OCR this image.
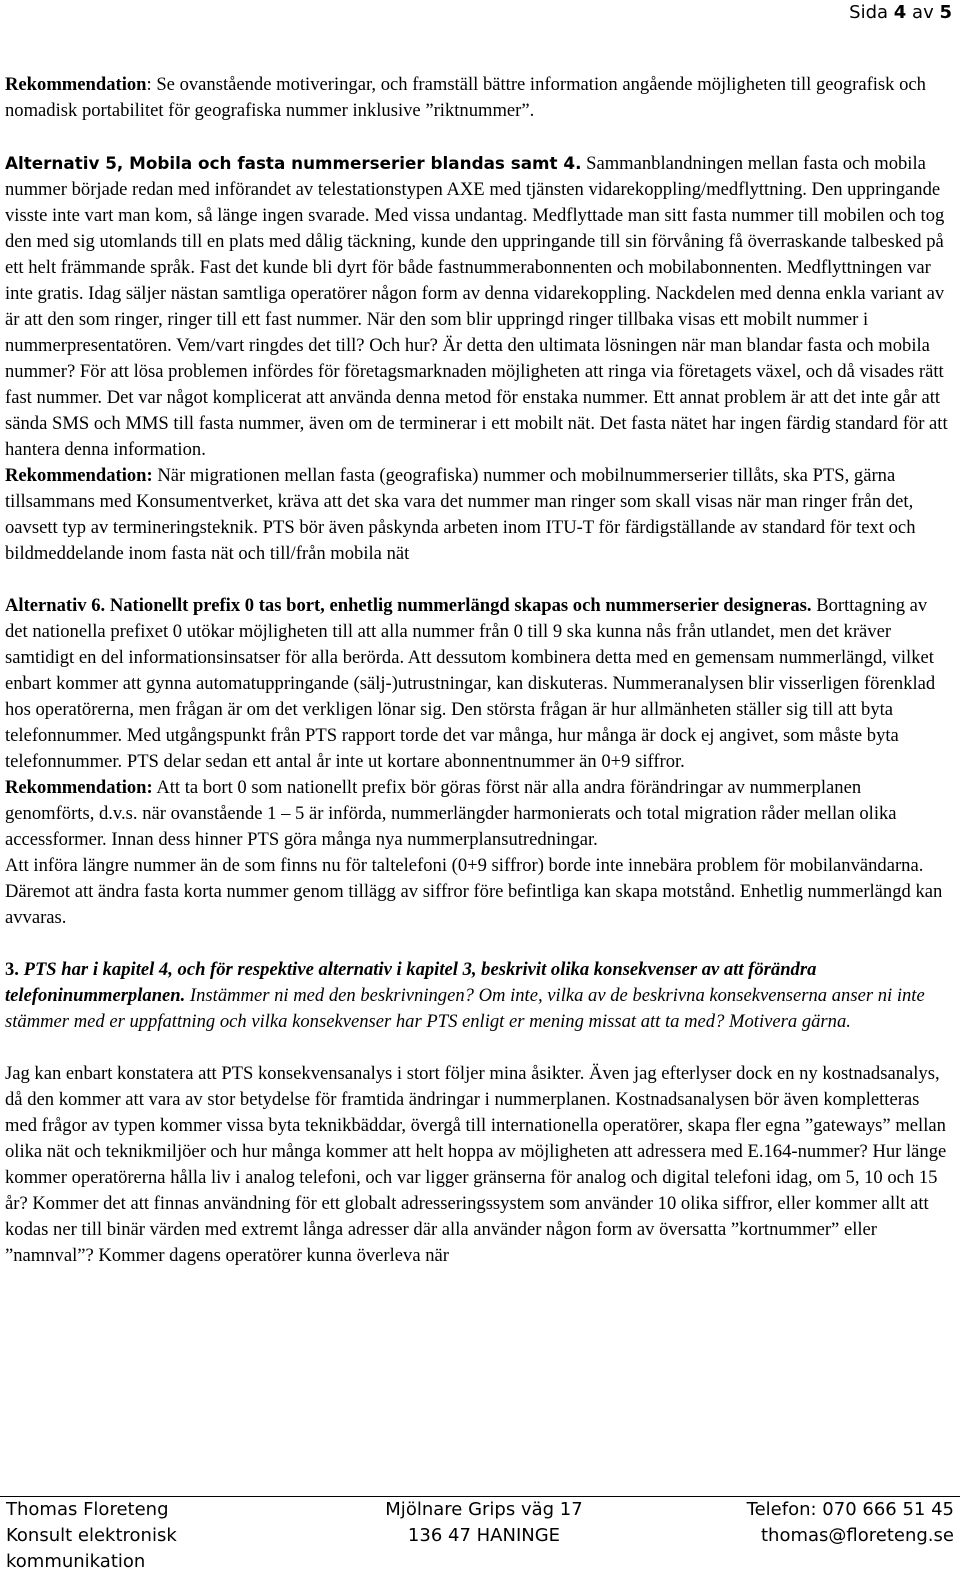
Sida 4 av 5

Rekommendation: Se ovanstående motiveringar, och framställ bättre information angående möjligheten till geografisk och nomadisk portabilitet för geografiska nummer inklusive ”riktnummer”.

Alternativ 5, Mobila och fasta nummerserier blandas samt 4. Sammanblandningen mellan fasta och mobila nummer började redan med införandet av telestationstypen AXE med tjänsten vidarekoppling/medflyttning. Den uppringande visste inte vart man kom, så länge ingen svarade. Med vissa undantag. Medflyttade man sitt fasta nummer till mobilen och tog den med sig utomlands till en plats med dålig täckning, kunde den uppringande till sin förvåning få överraskande talbesked på ett helt främmande språk. Fast det kunde bli dyrt för både fastnummerabonnenten och mobilabonnenten. Medflyttningen var inte gratis. Idag säljer nästan samtliga operatörer någon form av denna vidarekoppling. Nackdelen med denna enkla variant av är att den som ringer, ringer till ett fast nummer. När den som blir uppringd ringer tillbaka visas ett mobilt nummer i nummerpresentatören. Vem/vart ringdes det till? Och hur? Är detta den ultimata lösningen när man blandar fasta och mobila nummer? För att lösa problemen infördes för företagsmarknaden möjligheten att ringa via företagets växel, och då visades rätt fast nummer. Det var något komplicerat att använda denna metod för enstaka nummer. Ett annat problem är att det inte går att sända SMS och MMS till fasta nummer, även om de terminerar i ett mobilt nät. Det fasta nätet har ingen färdig standard för att hantera denna information.

Rekommendation: När migrationen mellan fasta (geografiska) nummer och mobilnummerserier tillåts, ska PTS, gärna tillsammans med Konsumentverket, kräva att det ska vara det nummer man ringer som skall visas när man ringer från det, oavsett typ av termineringsteknik. PTS bör även påskynda arbeten inom ITU-T för färdigställande av standard för text och bildmeddelande inom fasta nät och till/från mobila nät

Alternativ 6. Nationellt prefix 0 tas bort, enhetlig nummerlängd skapas och nummerserier designeras. Borttagning av det nationella prefixet 0 utökar möjligheten till att alla nummer från 0 till 9 ska kunna nås från utlandet, men det kräver samtidigt en del informationsinsatser för alla berörda. Att dessutom kombinera detta med en gemensam nummerlängd, vilket enbart kommer att gynna automatuppringande (sälj-)utrustningar, kan diskuteras. Nummeranalysen blir visserligen förenklad hos operatörerna, men frågan är om det verkligen lönar sig. Den största frågan är hur allmänheten ställer sig till att byta telefonnummer. Med utgångspunkt från PTS rapport torde det var många, hur många är dock ej angivet, som måste byta telefonnummer. PTS delar sedan ett antal år inte ut kortare abonnentnummer än 0+9 siffror.

Rekommendation: Att ta bort 0 som nationellt prefix bör göras först när alla andra förändringar av nummerplanen genomförts, d.v.s. när ovanstående 1 – 5 är införda, nummerlängder harmonierats och total migration råder mellan olika accessformer. Innan dess hinner PTS göra många nya nummerplansutredningar.

Att införa längre nummer än de som finns nu för taltelefoni (0+9 siffror) borde inte innebära problem för mobilanvändarna. Däremot att ändra fasta korta nummer genom tillägg av siffror före befintliga kan skapa motstånd. Enhetlig nummerlängd kan avvaras.

3. PTS har i kapitel 4, och för respektive alternativ i kapitel 3, beskrivit olika konsekvenser av att förändra telefoninummerplanen. Instämmer ni med den beskrivningen? Om inte, vilka av de beskrivna konsekvenserna anser ni inte stämmer med er uppfattning och vilka konsekvenser har PTS enligt er mening missat att ta med? Motivera gärna.

Jag kan enbart konstatera att PTS konsekvensanalys i stort följer mina åsikter. Även jag efterlyser dock en ny kostnadsanalys, då den kommer att vara av stor betydelse för framtida ändringar i nummerplanen. Kostnadsanalysen bör även kompletteras med frågor av typen kommer vissa byta teknikbäddar, övergå till internationella operatörer, skapa fler egna ”gateways” mellan olika nät och teknikmiljöer och hur många kommer att helt hoppa av möjligheten att adressera med E.164-nummer? Hur länge kommer operatörerna hålla liv i analog telefoni, och var ligger gränserna för analog och digital telefoni idag, om 5, 10 och 15 år? Kommer det att finnas användning för ett globalt adresseringssystem som använder 10 olika siffror, eller kommer allt att kodas ner till binär värden med extremt långa adresser där alla använder någon form av översatta ”kortnummer” eller ”namnval”? Kommer dagens operatörer kunna överleva när

Thomas Floreteng	Mjölnare Grips väg 17	Telefon: 070 666 51 45
Konsult elektronisk kommunikation
136 47 HANINGE	thomas@floreteng.se
